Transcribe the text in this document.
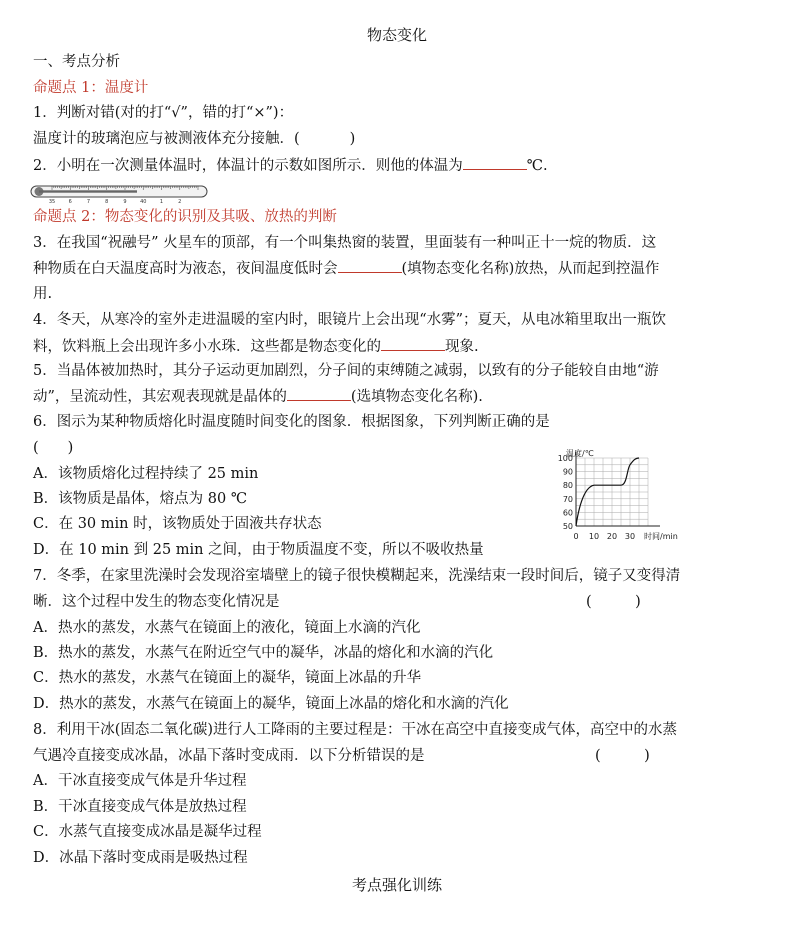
物态变化
一、考点分析
命题点 1：温度计
1．判断对错(对的打“√”，错的打“×”)：
温度计的玻璃泡应与被测液体充分接触．(	)
2．小明在一次测量体温时，体温计的示数如图所示．则他的体温为	℃.
35	6	7	8	9	40	1	2
命题点 2：物态变化的识别及其吸、放热的判断
3．在我国“祝融号” 火星车的顶部，有一个叫集热窗的装置，里面装有一种叫正十一烷的物质．这
种物质在白天温度高时为液态，夜间温度低时会	(填物态变化名称)放热，从而起到控温作
用.
4．冬天，从寒冷的室外走进温暖的室内时，眼镜片上会出现“水雾”；夏天，从电冰箱里取出一瓶饮
料，饮料瓶上会出现许多小水珠．这些都是物态变化的	现象.
5．当晶体被加热时，其分子运动更加剧烈，分子间的束缚随之减弱，以致有的分子能较自由地“游
动”，呈流动性，其宏观表现就是晶体的	(选填物态变化名称).
6．图示为某种物质熔化时温度随时间变化的图象．根据图象，下列判断正确的是
(　　)
A．该物质熔化过程持续了 25 min
B．该物质是晶体，熔点为 80 ℃
C．在 30 min 时，该物质处于固液共存状态
D．在 10 min 到 25 min 之间，由于物质温度不变，所以不吸收热量
温度/℃
时间/min
50
60
70
80
90
100
0 10 20 30
7．冬季，在家里洗澡时会发现浴室墙壁上的镜子很快模糊起来，洗澡结束一段时间后，镜子又变得清
晰．这个过程中发生的物态变化情况是	(　　　)
A．热水的蒸发，水蒸气在镜面上的液化，镜面上水滴的汽化
B．热水的蒸发，水蒸气在附近空气中的凝华，冰晶的熔化和水滴的汽化
C．热水的蒸发，水蒸气在镜面上的凝华，镜面上冰晶的升华
D．热水的蒸发，水蒸气在镜面上的凝华，镜面上冰晶的熔化和水滴的汽化
8．利用干冰(固态二氧化碳)进行人工降雨的主要过程是：干冰在高空中直接变成气体，高空中的水蒸
气遇冷直接变成冰晶，冰晶下落时变成雨．以下分析错误的是	(　　　)
A．干冰直接变成气体是升华过程
B．干冰直接变成气体是放热过程
C．水蒸气直接变成冰晶是凝华过程
D．冰晶下落时变成雨是吸热过程
考点强化训练
